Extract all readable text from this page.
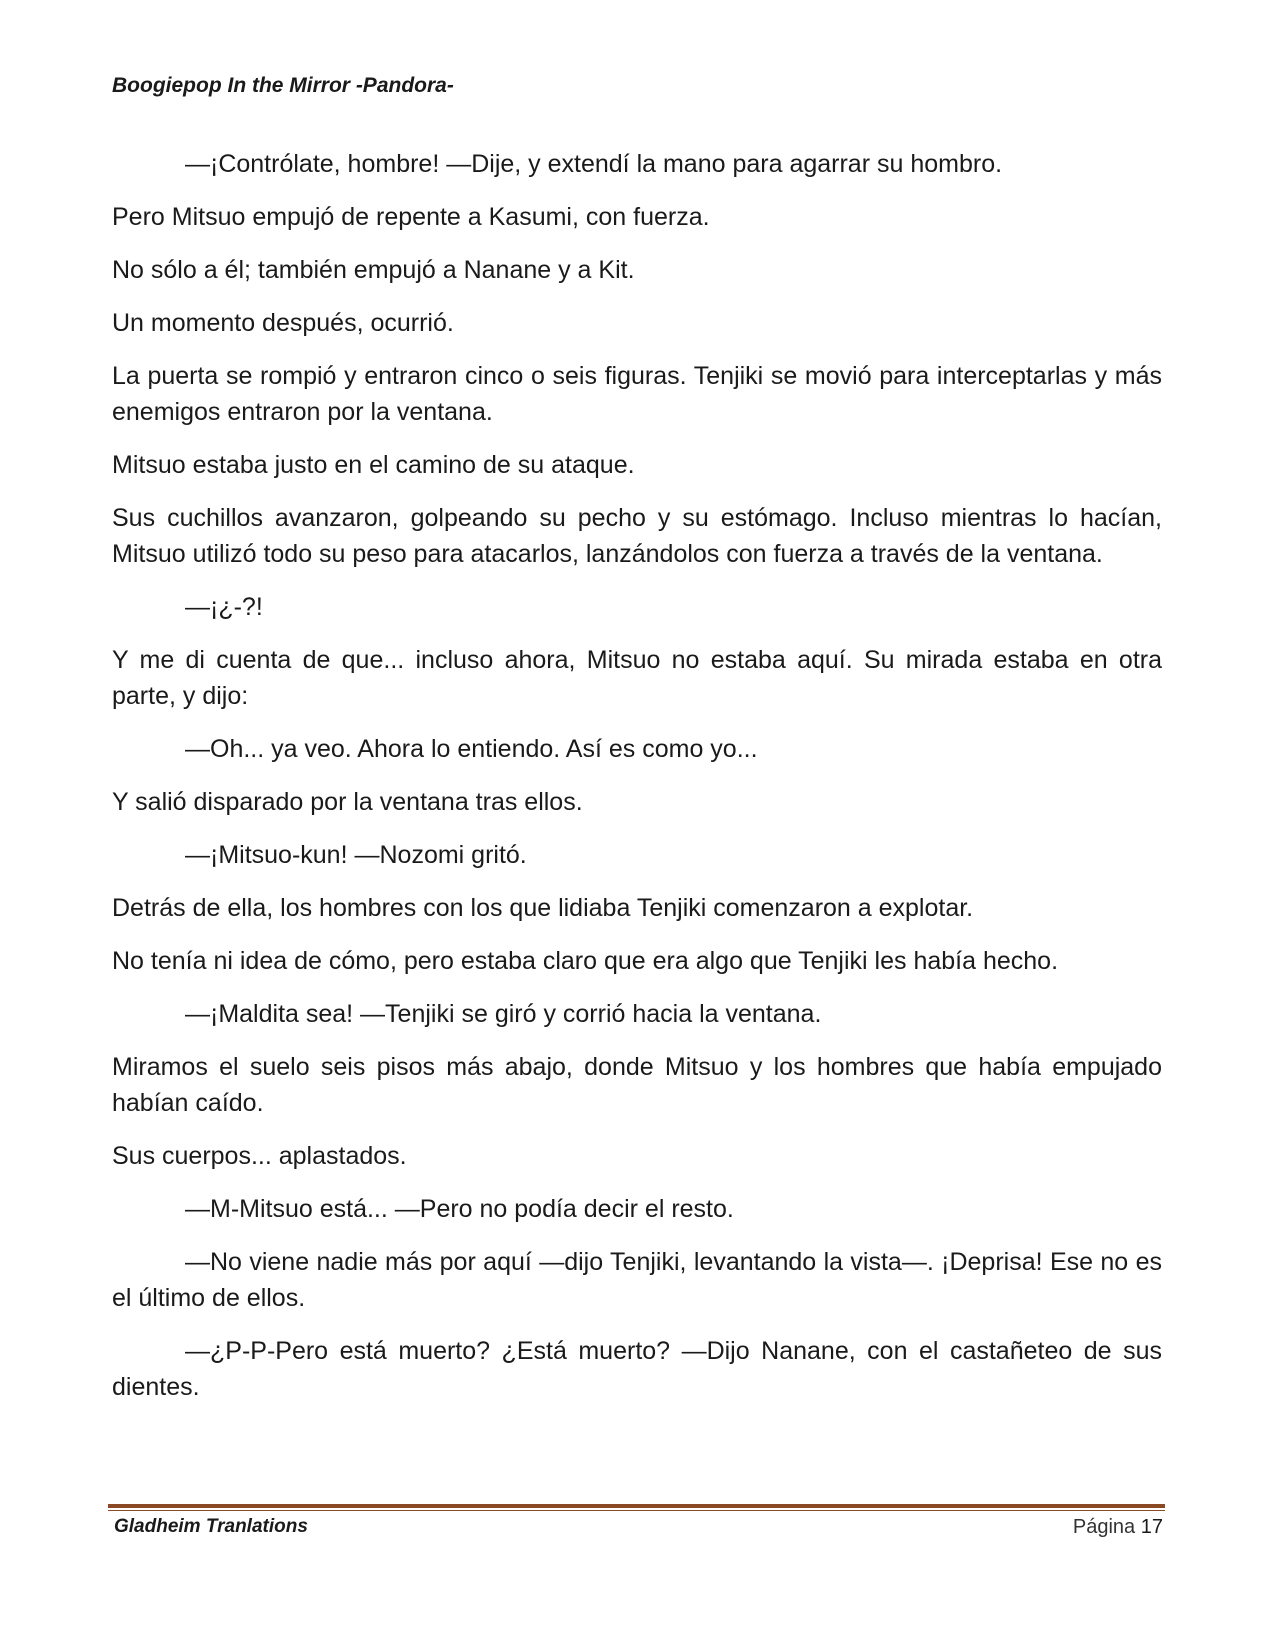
Boogiepop In the Mirror -Pandora-

—¡Contrólate, hombre! —Dije, y extendí la mano para agarrar su hombro.

Pero Mitsuo empujó de repente a Kasumi, con fuerza.

No sólo a él; también empujó a Nanane y a Kit.

Un momento después, ocurrió.

La puerta se rompió y entraron cinco o seis figuras. Tenjiki se movió para interceptarlas y más enemigos entraron por la ventana.

Mitsuo estaba justo en el camino de su ataque.

Sus cuchillos avanzaron, golpeando su pecho y su estómago. Incluso mientras lo hacían, Mitsuo utilizó todo su peso para atacarlos, lanzándolos con fuerza a través de la ventana.

—¡¿-?!

Y me di cuenta de que... incluso ahora, Mitsuo no estaba aquí. Su mirada estaba en otra parte, y dijo:

—Oh... ya veo. Ahora lo entiendo. Así es como yo...

Y salió disparado por la ventana tras ellos.

—¡Mitsuo-kun! —Nozomi gritó.

Detrás de ella, los hombres con los que lidiaba Tenjiki comenzaron a explotar.

No tenía ni idea de cómo, pero estaba claro que era algo que Tenjiki les había hecho.

—¡Maldita sea! —Tenjiki se giró y corrió hacia la ventana.

Miramos el suelo seis pisos más abajo, donde Mitsuo y los hombres que había empujado habían caído.

Sus cuerpos... aplastados.

—M-Mitsuo está... —Pero no podía decir el resto.

—No viene nadie más por aquí —dijo Tenjiki, levantando la vista—. ¡Deprisa! Ese no es el último de ellos.

—¿P-P-Pero está muerto? ¿Está muerto? —Dijo Nanane, con el castañeteo de sus dientes.

Gladheim Tranlations	Página 17
